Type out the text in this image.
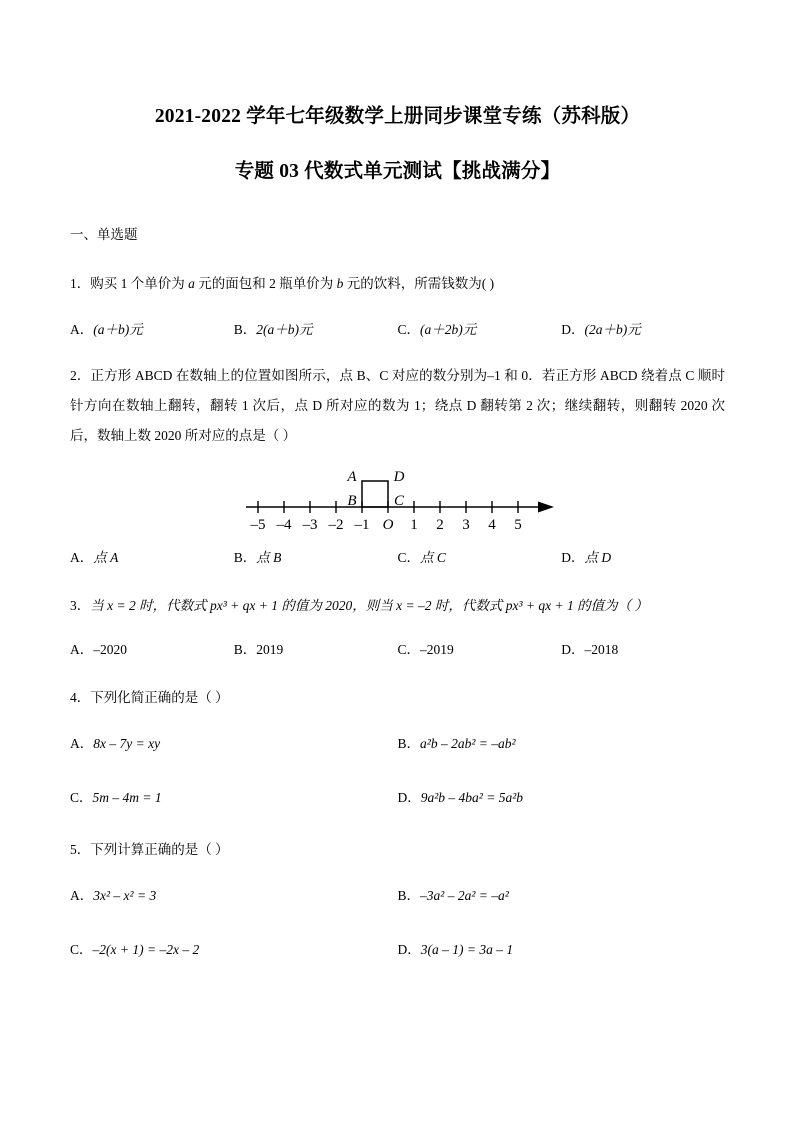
2021-2022 学年七年级数学上册同步课堂专练（苏科版）
专题 03 代数式单元测试【挑战满分】
一、单选题
1．购买 1 个单价为 a 元的面包和 2 瓶单价为 b 元的饮料，所需钱数为( )
A．(a＋b)元	B．2(a＋b)元	C．(a＋2b)元	D．(2a＋b)元
2．正方形 ABCD 在数轴上的位置如图所示，点 B、C 对应的数分别为–1 和 0．若正方形 ABCD 绕着点 C 顺时针方向在数轴上翻转，翻转 1 次后，点 D 所对应的数为 1；绕点 D 翻转第 2 次；继续翻转，则翻转 2020 次后，数轴上数 2020 所对应的点是（ ）
–5 –4 –3 –2 –1 O 1 2 3 4 5
A D
B C
A．点 A	B．点 B	C．点 C	D．点 D
3．当 x = 2 时，代数式 px³ + qx + 1 的值为 2020，则当 x = –2 时，代数式 px³ + qx + 1 的值为（ ）
A．–2020	B．2019	C．–2019	D．–2018
4．下列化简正确的是（ ）
A．8x – 7y = xy	B．a²b – 2ab² = –ab²
C．5m – 4m = 1	D．9a²b – 4ba² = 5a²b
5．下列计算正确的是（ ）
A．3x² – x² = 3	B．–3a² – 2a² = –a²
C．–2(x + 1) = –2x – 2	D．3(a – 1) = 3a – 1
